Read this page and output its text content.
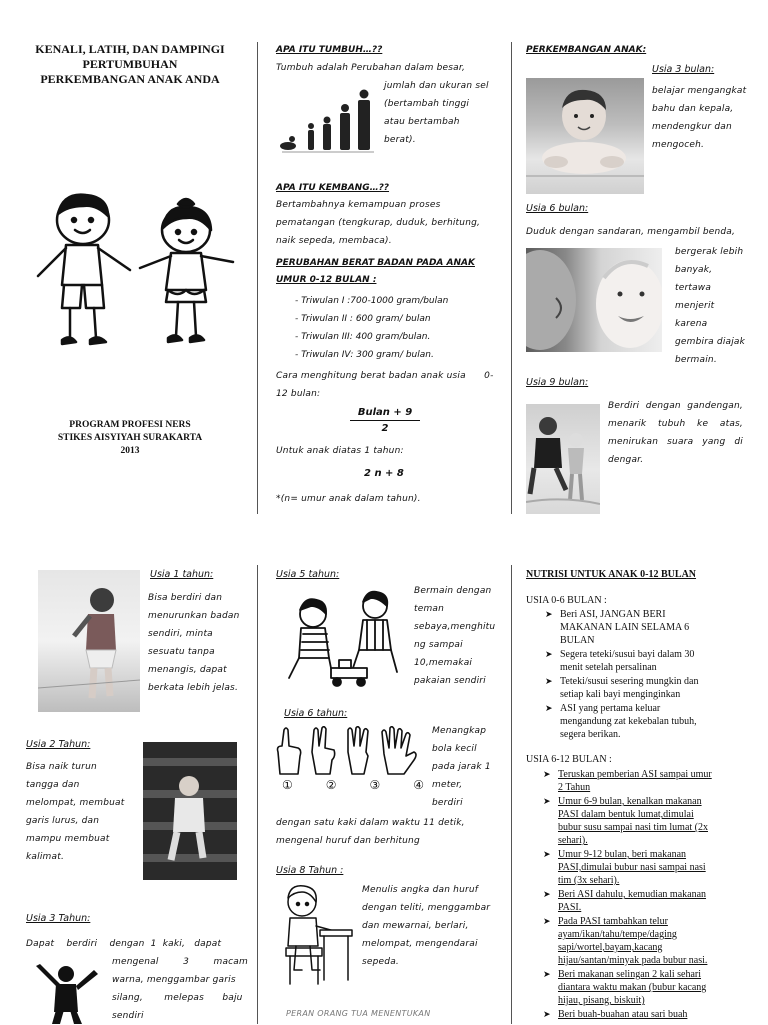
KENALI, LATIH, DAN DAMPINGI
PERTUMBUHAN
PERKEMBANGAN ANAK ANDA
PROGRAM PROFESI NERS
STIKES AISYIYAH SURAKARTA
2013
APA ITU TUMBUH…??
Tumbuh adalah Perubahan dalam besar,
jumlah dan ukuran sel
(bertambah tinggi
atau bertambah
berat).
APA ITU KEMBANG…??
Bertambahnya kemampuan proses
pematangan (tengkurap, duduk, berhitung,
naik sepeda, membaca).
PERUBAHAN BERAT BADAN PADA ANAK
UMUR 0-12 BULAN :
- Triwulan I :700-1000 gram/bulan
- Triwulan II : 600 gram/ bulan
- Triwulan III: 400 gram/bulan.
- Triwulan IV: 300 gram/ bulan.
Cara menghitung berat badan anak usia      0-
12 bulan:
Bulan + 9
2
Untuk anak diatas 1 tahun:
2 n + 8
*(n= umur anak dalam tahun).
PERKEMBANGAN ANAK:
Usia 3 bulan:
belajar mengangkat
bahu dan kepala,
mendengkur dan
mengoceh.
Usia 6 bulan:
Duduk dengan sandaran, mengambil benda,
bergerak lebih
banyak,
tertawa
menjerit
karena
gembira diajak
bermain.
Usia 9 bulan:
Berdiri dengan gandengan,
menarik tubuh ke atas,
menirukan suara yang di
dengar.
Usia 1 tahun:
Bisa berdiri dan
menurunkan badan
sendiri, minta
sesuatu tanpa
menangis, dapat
berkata lebih jelas.
Usia 2 Tahun:
Bisa naik turun
tangga dan
melompat, membuat
garis lurus, dan
mampu membuat
kalimat.
Usia 3 Tahun:
Dapat    berdiri    dengan  1  kaki,   dapat
mengenal        3        macam
warna, menggambar garis
silang,       melepas      baju
sendiri
Usia 5 tahun:
Bermain dengan
teman
sebaya,menghitu
ng sampai
10,memakai
pakaian sendiri
Usia 6 tahun:
①	②	③	④
Menangkap
bola kecil
pada jarak 1
meter,
berdiri
dengan satu kaki dalam waktu 11 detik,
mengenal huruf dan berhitung
Usia 8 Tahun :
Menulis angka dan huruf
dengan teliti, menggambar
dan mewarnai, berlari,
melompat, mengendarai
sepeda.
PERAN ORANG TUA MENENTUKAN
NUTRISI UNTUK ANAK 0-12 BULAN
USIA 0-6 BULAN :
➤ Beri ASI, JANGAN BERI MAKANAN LAIN SELAMA 6 BULAN
➤ Segera teteki/susui bayi dalam 30 menit setelah persalinan
➤ Teteki/susui sesering mungkin dan setiap kali bayi menginginkan
➤ ASI yang pertama keluar mengandung zat kekebalan tubuh, segera berikan.
USIA 6-12 BULAN :
➤ Teruskan pemberian ASI sampai umur 2 Tahun
➤ Umur 6-9 bulan, kenalkan makanan PASI dalam bentuk lumat,dimulai bubur susu sampai nasi tim lumat (2x sehari).
➤ Umur 9-12 bulan, beri makanan PASI,dimulai bubur nasi sampai nasi tim (3x sehari).
➤ Beri ASI dahulu, kemudian makanan PASI.
➤ Pada PASI tambahkan telur ayam/ikan/tahu/tempe/daging sapi/wortel,bayam,kacang hijau/santan/minyak pada bubur nasi.
➤ Beri makanan selingan 2 kali sehari diantara waktu makan (bubur kacang hijau, pisang, biskuit)
➤ Beri buah-buahan atau sari buah
